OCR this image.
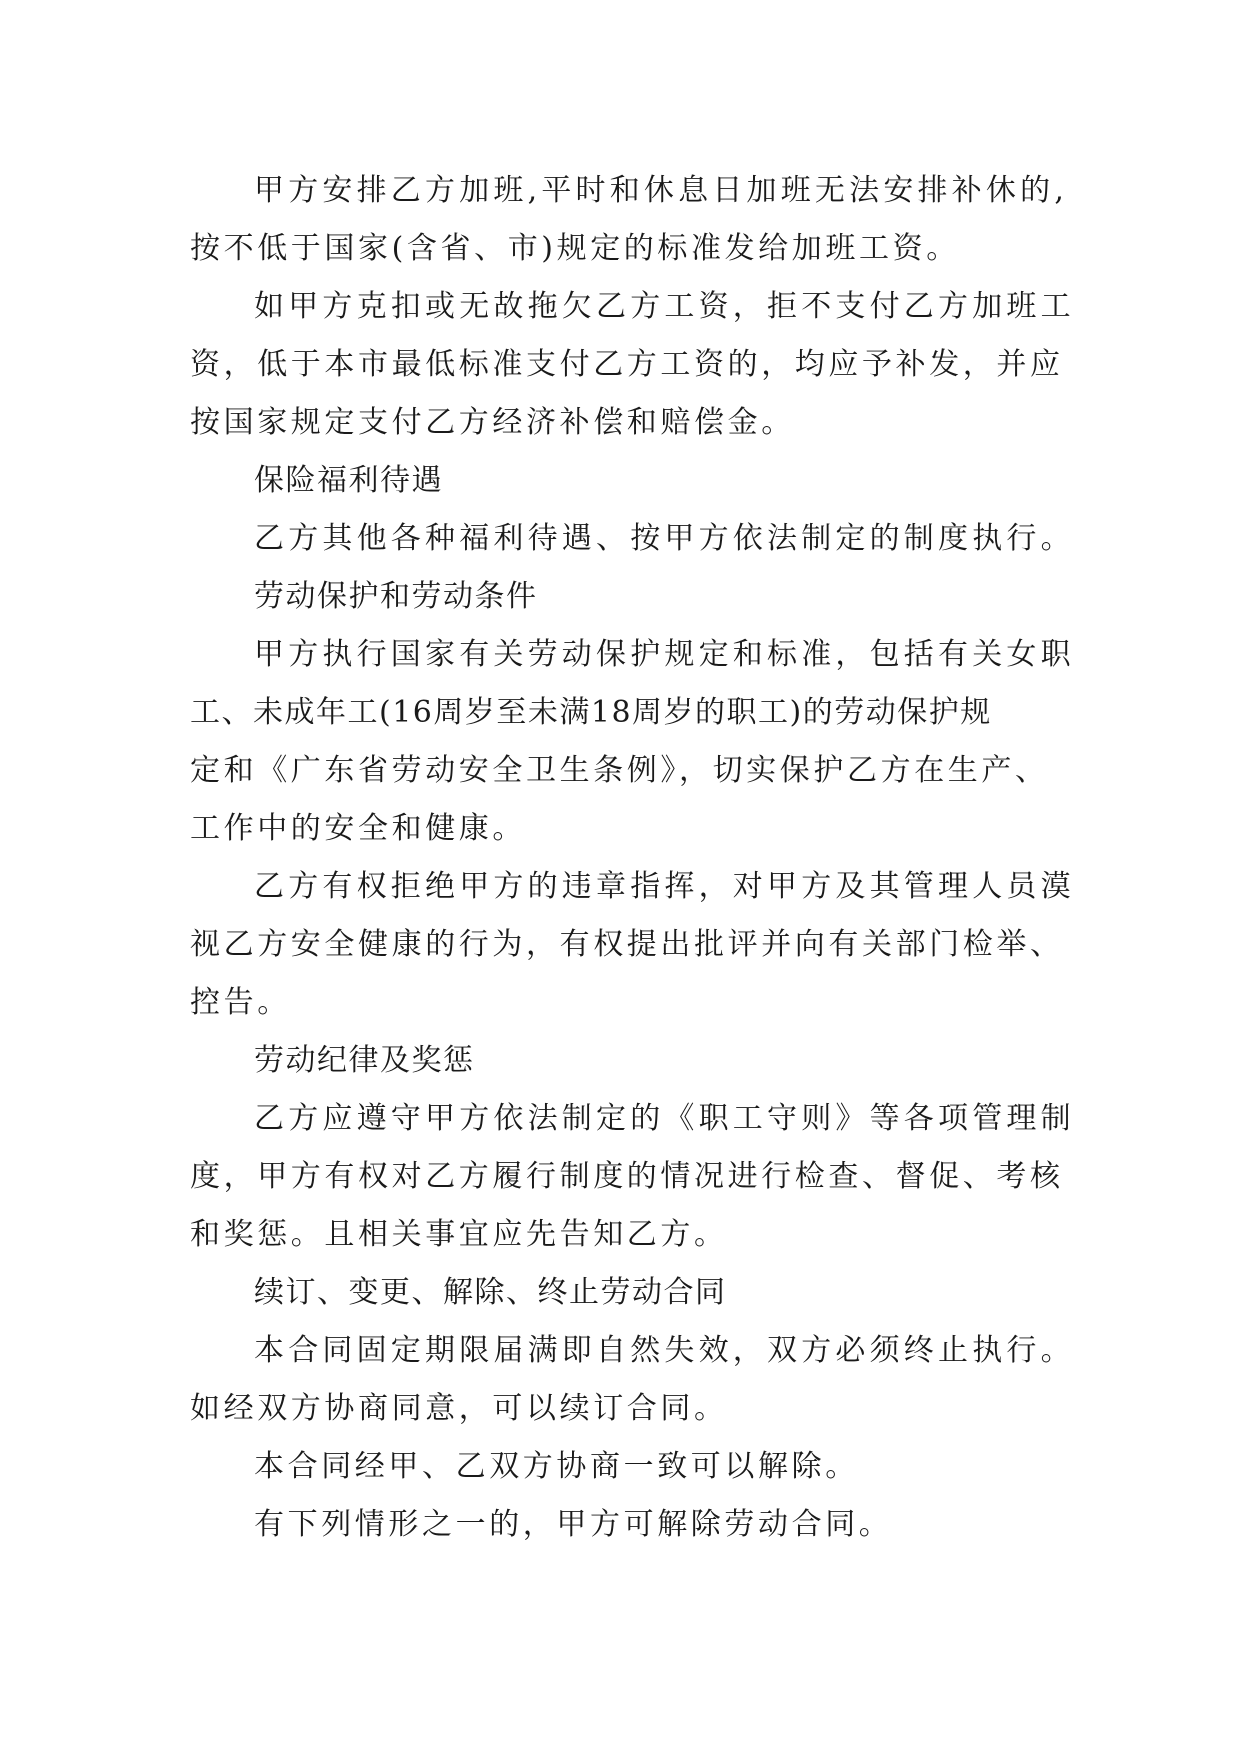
甲方安排乙方加班,平时和休息日加班无法安排补休的,
按不低于国家(含省、市)规定的标准发给加班工资。
如甲方克扣或无故拖欠乙方工资，拒不支付乙方加班工
资，低于本市最低标准支付乙方工资的，均应予补发，并应
按国家规定支付乙方经济补偿和赔偿金。
保险福利待遇
乙方其他各种福利待遇、按甲方依法制定的制度执行。
劳动保护和劳动条件
甲方执行国家有关劳动保护规定和标准，包括有关女职
工、未成年工(16周岁至未满18周岁的职工)的劳动保护规
定和《广东省劳动安全卫生条例》，切实保护乙方在生产、
工作中的安全和健康。
乙方有权拒绝甲方的违章指挥，对甲方及其管理人员漠
视乙方安全健康的行为，有权提出批评并向有关部门检举、
控告。
劳动纪律及奖惩
乙方应遵守甲方依法制定的《职工守则》等各项管理制
度，甲方有权对乙方履行制度的情况进行检查、督促、考核
和奖惩。且相关事宜应先告知乙方。
续订、变更、解除、终止劳动合同
本合同固定期限届满即自然失效，双方必须终止执行。
如经双方协商同意，可以续订合同。
本合同经甲、乙双方协商一致可以解除。
有下列情形之一的，甲方可解除劳动合同。
